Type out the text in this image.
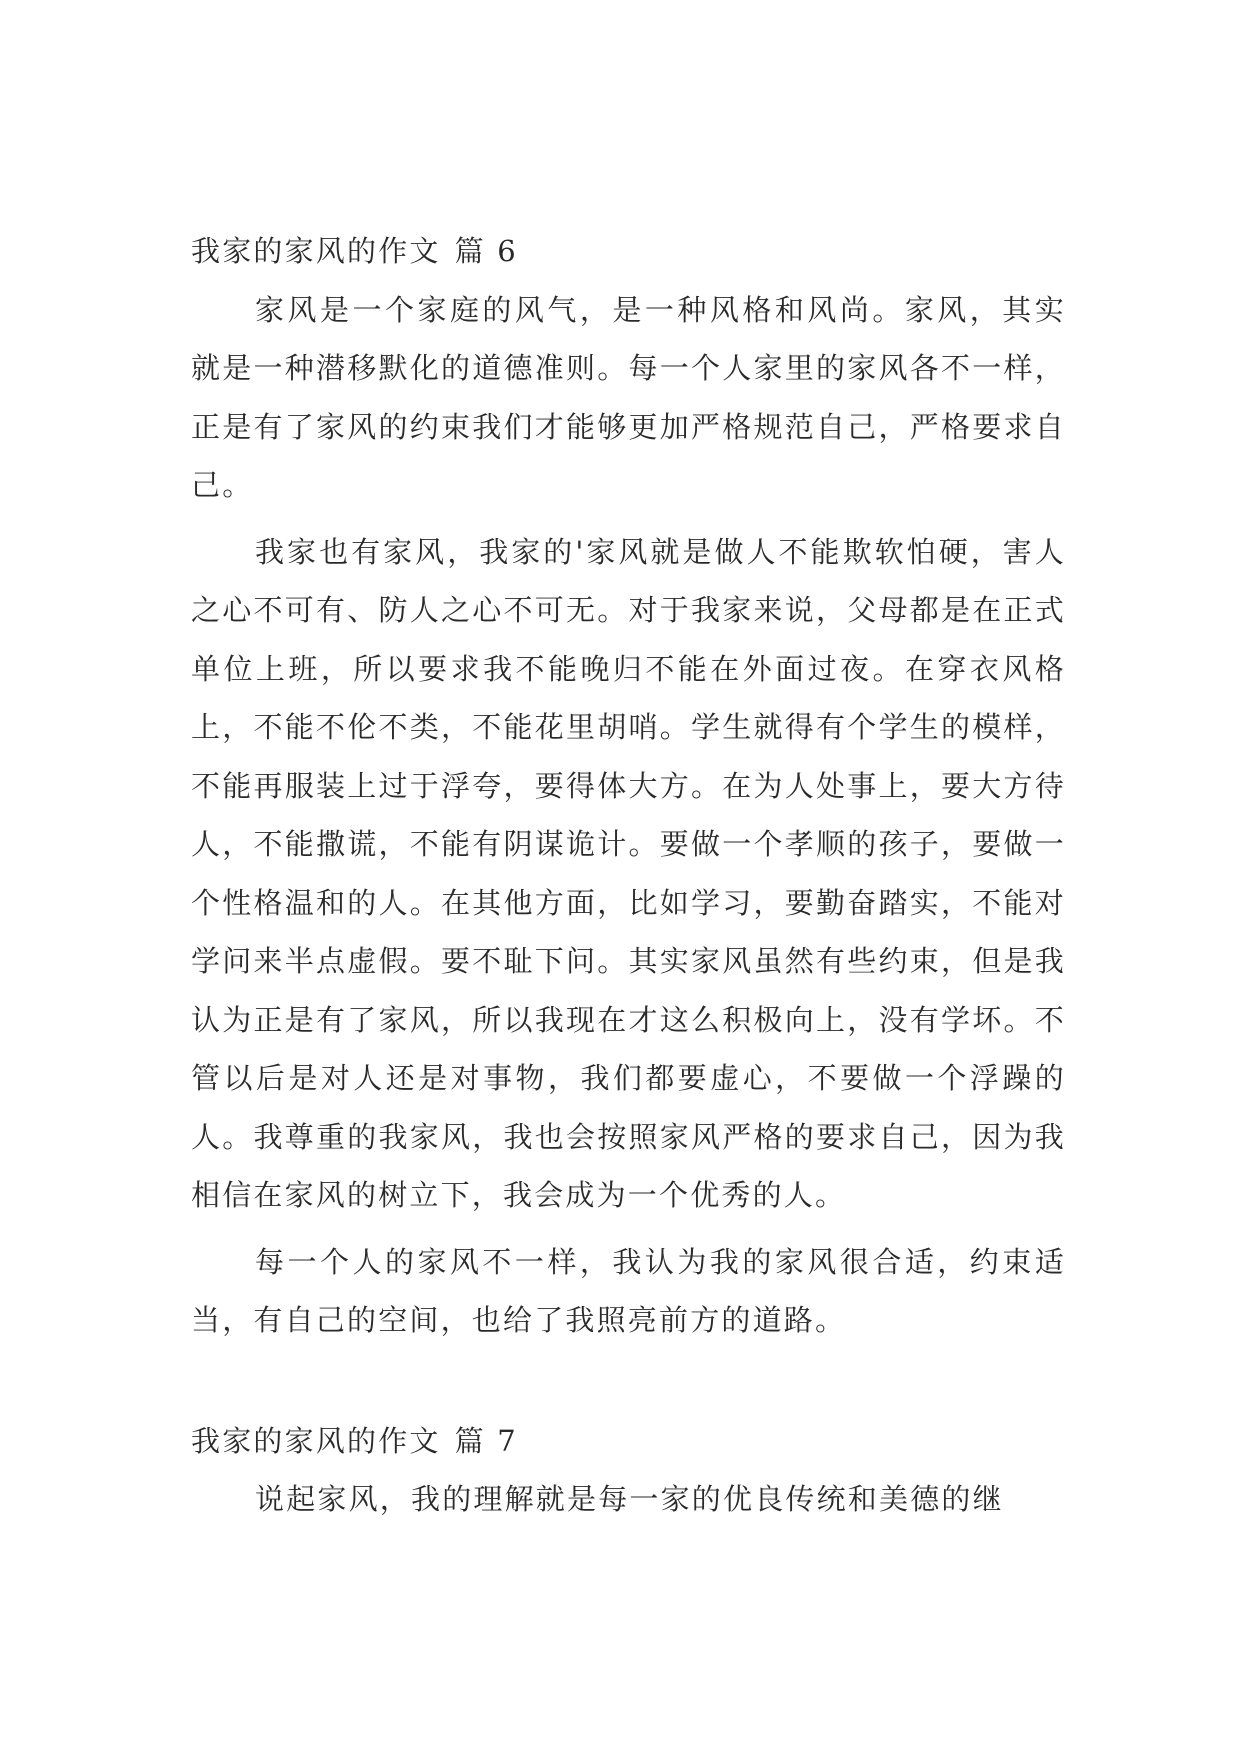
我家的家风的作文 篇 6

家风是一个家庭的风气，是一种风格和风尚。家风，其实就是一种潜移默化的道德准则。每一个人家里的家风各不一样，正是有了家风的约束我们才能够更加严格规范自己，严格要求自己。

我家也有家风，我家的'家风就是做人不能欺软怕硬，害人之心不可有、防人之心不可无。对于我家来说，父母都是在正式单位上班，所以要求我不能晚归不能在外面过夜。在穿衣风格上，不能不伦不类，不能花里胡哨。学生就得有个学生的模样，不能再服装上过于浮夸，要得体大方。在为人处事上，要大方待人，不能撒谎，不能有阴谋诡计。要做一个孝顺的孩子，要做一个性格温和的人。在其他方面，比如学习，要勤奋踏实，不能对学问来半点虚假。要不耻下问。其实家风虽然有些约束，但是我认为正是有了家风，所以我现在才这么积极向上，没有学坏。不管以后是对人还是对事物，我们都要虚心，不要做一个浮躁的人。我尊重的我家风，我也会按照家风严格的要求自己，因为我相信在家风的树立下，我会成为一个优秀的人。

每一个人的家风不一样，我认为我的家风很合适，约束适当，有自己的空间，也给了我照亮前方的道路。

我家的家风的作文 篇 7

说起家风，我的理解就是每一家的优良传统和美德的继
